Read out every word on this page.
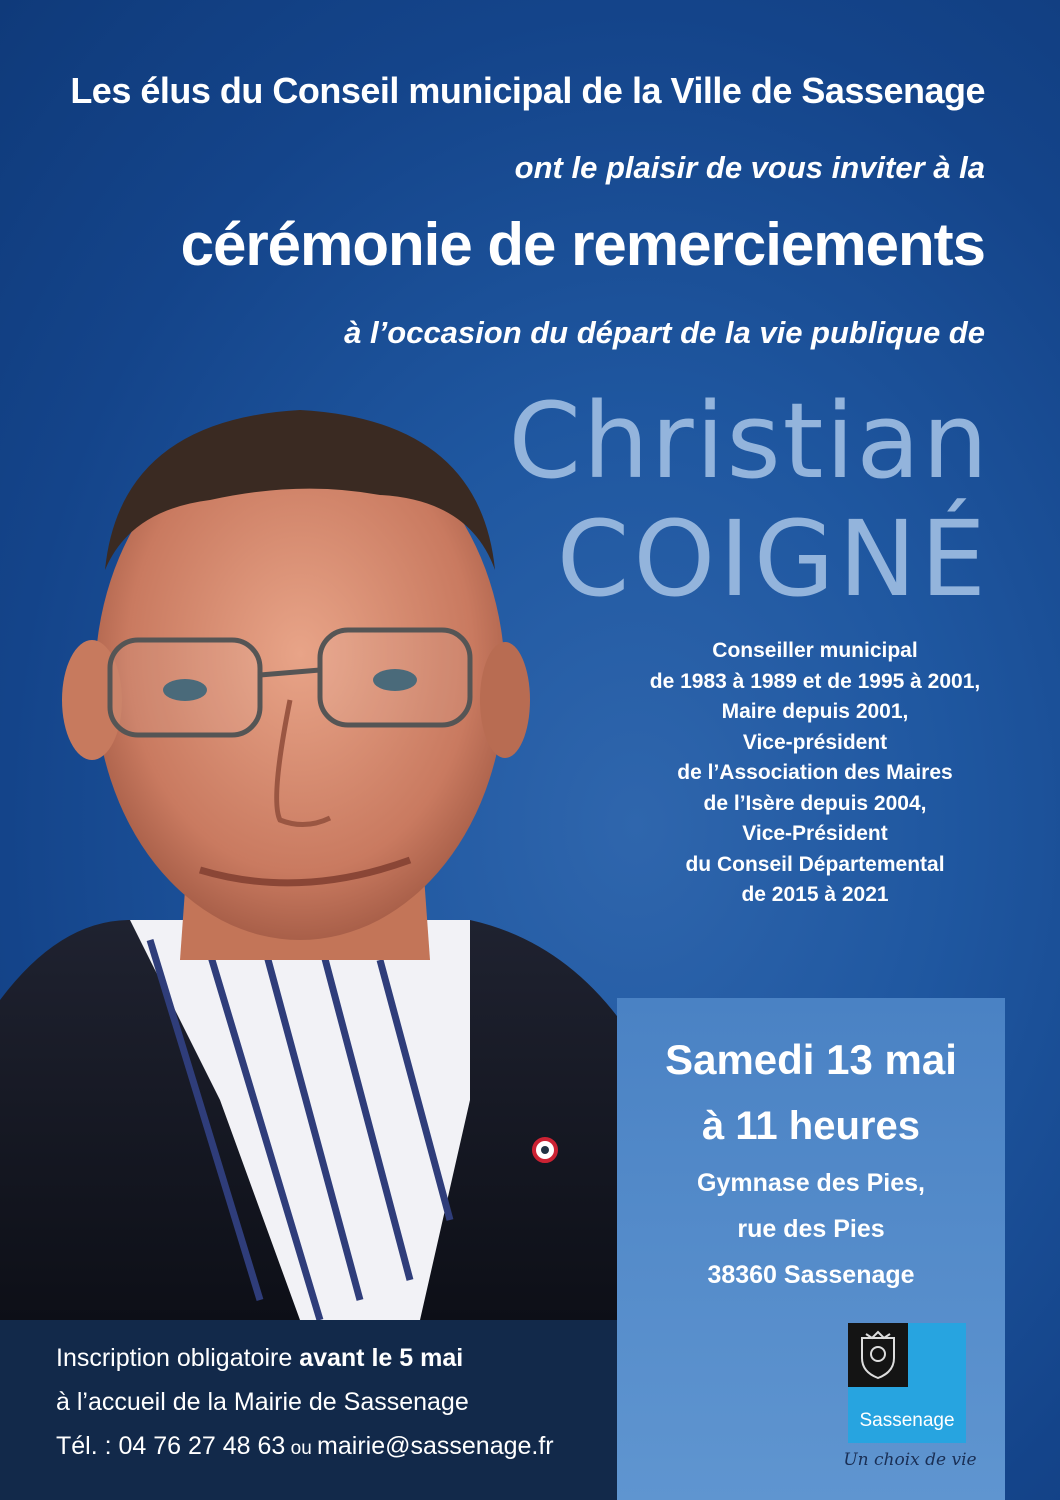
Les élus du Conseil municipal de la Ville de Sassenage
ont le plaisir de vous inviter à la
cérémonie de remerciements
à l’occasion du départ de la vie publique de
Christian
COIGNÉ
Conseiller municipal
de 1983 à 1989 et de 1995 à 2001,
Maire depuis 2001,
Vice-président
de l’Association des Maires
de l’Isère depuis 2004,
Vice-Président
du Conseil Départemental
de 2015 à 2021
Samedi 13 mai
à 11 heures
Gymnase des Pies,
rue des Pies
38360 Sassenage
Inscription obligatoire avant le 5 mai
à l’accueil de la Mairie de Sassenage
Tél. : 04 76 27 48 63 ou mairie@sassenage.fr
Sassenage
Un choix de vie
